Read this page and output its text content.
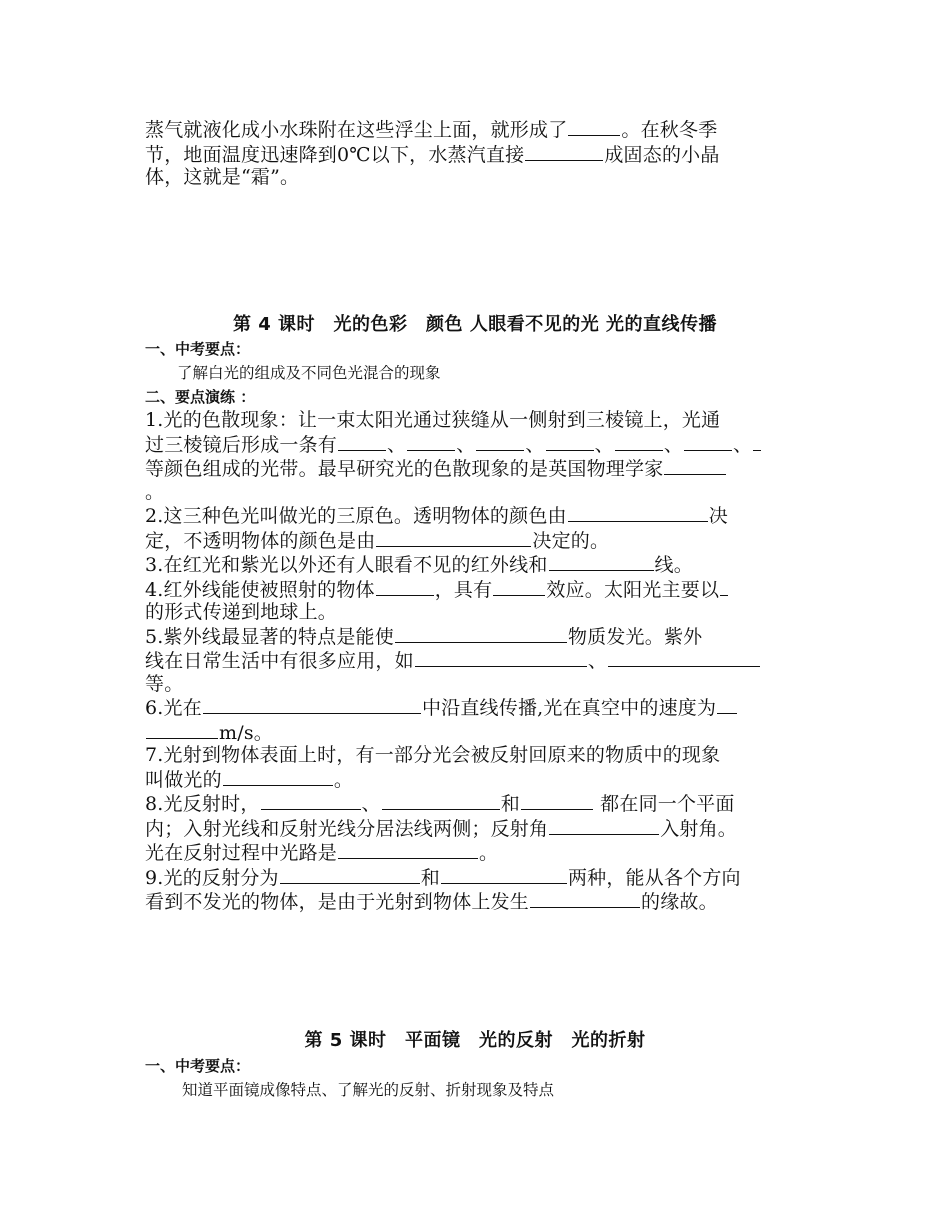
蒸气就液化成小水珠附在这些浮尘上面，就形成了	。在秋冬季
节，地面温度迅速降到0℃以下，水蒸汽直接	成固态的小晶
体，这就是“霜”。

第 4 课时　光的色彩　颜色 人眼看不见的光 光的直线传播
一、中考要点：
了解白光的组成及不同色光混合的现象
二、要点演练 ：

1.光的色散现象：让一束太阳光通过狭缝从一侧射到三棱镜上，光通
过三棱镜后形成一条有	、	、	、	、	、	、
等颜色组成的光带。最早研究光的色散现象的是英国物理学家
。

2.这三种色光叫做光的三原色。透明物体的颜色由	决
定，不透明物体的颜色是由	决定的。

3.在红光和紫光以外还有人眼看不见的红外线和	线。

4.红外线能使被照射的物体	，具有	效应。太阳光主要以
的形式传递到地球上。

5.紫外线最显著的特点是能使	物质发光。紫外
线在日常生活中有很多应用，如	、
等。

6.光在	中沿直线传播,光在真空中的速度为
m/s。

7.光射到物体表面上时，有一部分光会被反射回原来的物质中的现象
叫做光的	。

8.光反射时，	、	和	都在同一个平面
内；入射光线和反射光线分居法线两侧；反射角	入射角。
光在反射过程中光路是	。

9.光的反射分为	和	两种，能从各个方向
看到不发光的物体，是由于光射到物体上发生	的缘故。

第 5 课时　平面镜　光的反射　光的折射
一、中考要点：
知道平面镜成像特点、了解光的反射、折射现象及特点
